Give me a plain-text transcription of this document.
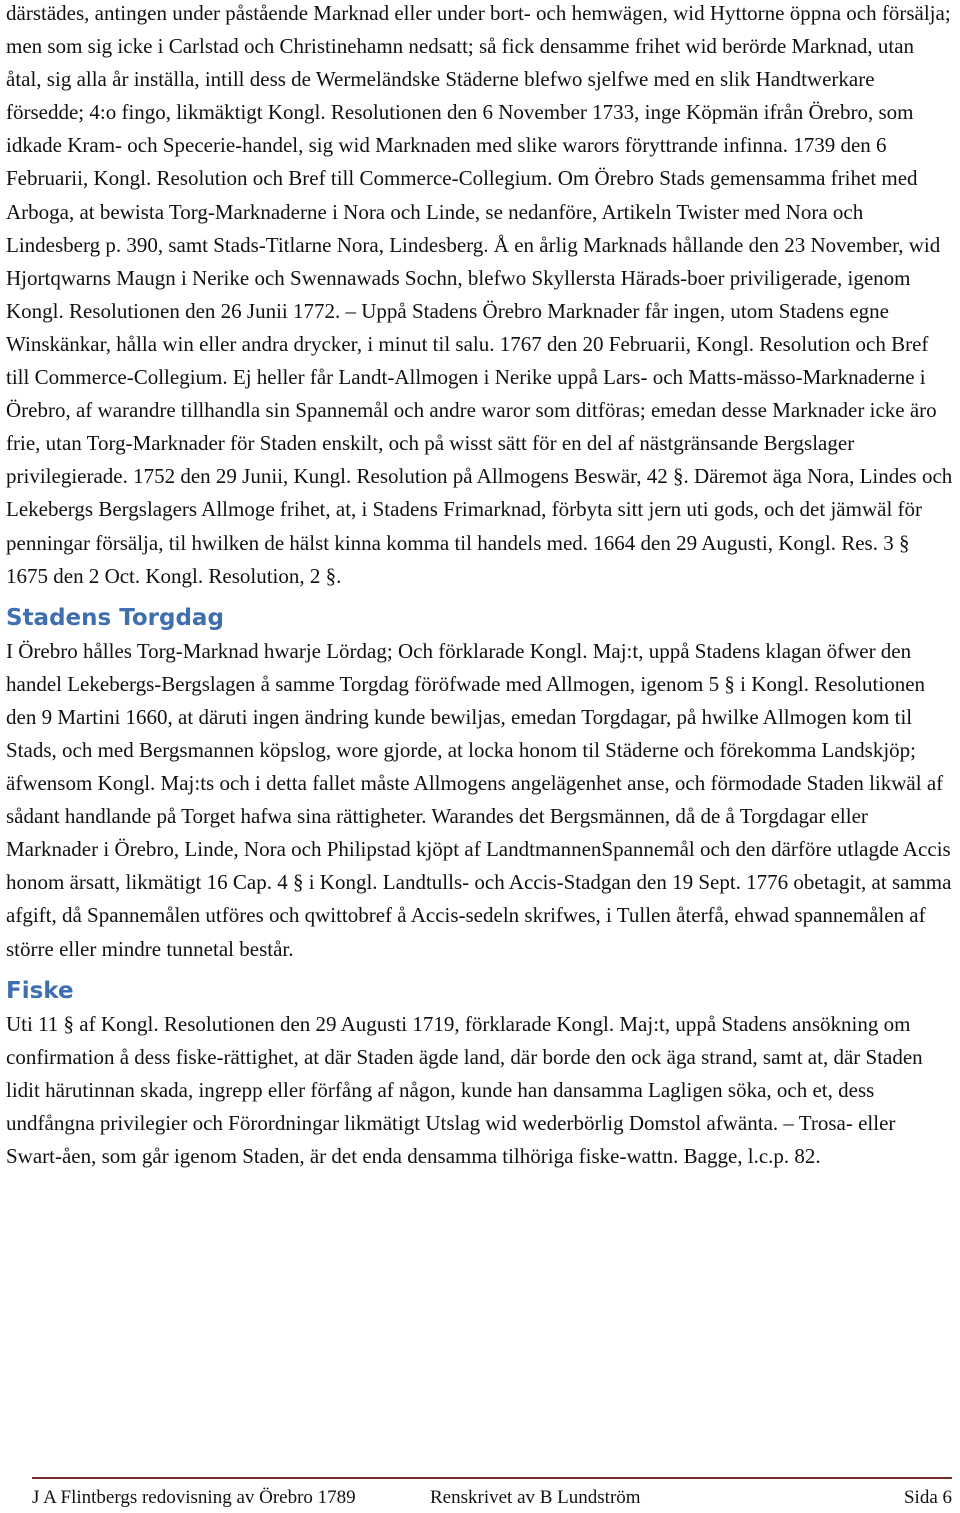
därstädes, antingen under påstående Marknad eller under bort- och hemwägen, wid Hyttorne öppna och försälja; men som sig icke i Carlstad och Christinehamn nedsatt; så fick densamme frihet wid berörde Marknad, utan åtal, sig alla år inställa, intill dess de Wermeländske Städerne blefwo sjelfwe med en slik Handtwerkare försedde; 4:o fingo, likmäktigt Kongl. Resolutionen den 6 November 1733, inge Köpmän ifrån Örebro, som idkade Kram- och Specerie-handel, sig wid Marknaden med slike warors föryttrande infinna. 1739 den 6 Februarii, Kongl. Resolution och Bref till Commerce-Collegium. Om Örebro Stads gemensamma frihet med Arboga, at bewista Torg-Marknaderne i Nora och Linde, se nedanföre, Artikeln Twister med Nora och Lindesberg p. 390, samt Stads-Titlarne Nora, Lindesberg. Å en årlig Marknads hållande den 23 November, wid Hjortqwarns Maugn i Nerike och Swennawads Sochn, blefwo Skyllersta Härads-boer priviligerade, igenom Kongl. Resolutionen den 26 Junii 1772. – Uppå Stadens Örebro Marknader får ingen, utom Stadens egne Winskänkar, hålla win eller andra drycker, i minut til salu. 1767 den 20 Februarii, Kongl. Resolution och Bref till Commerce-Collegium. Ej heller får Landt-Allmogen i Nerike uppå Lars- och Matts-mässo-Marknaderne i Örebro, af warandre tillhandla sin Spannemål och andre waror som ditföras; emedan desse Marknader icke äro frie, utan Torg-Marknader för Staden enskilt, och på wisst sätt för en del af nästgränsande Bergslager privilegierade. 1752 den 29 Junii, Kungl. Resolution på Allmogens Beswär, 42 §. Däremot äga Nora, Lindes och Lekebergs Bergslagers Allmoge frihet, at, i Stadens Frimarknad, förbyta sitt jern uti gods, och det jämwäl för penningar försälja, til hwilken de hälst kinna komma til handels med. 1664 den 29 Augusti, Kongl. Res. 3 § 1675 den 2 Oct. Kongl. Resolution, 2 §.

Stadens Torgdag

I Örebro hålles Torg-Marknad hwarje Lördag; Och förklarade Kongl. Maj:t, uppå Stadens klagan öfwer den handel Lekebergs-Bergslagen å samme Torgdag föröfwade med Allmogen, igenom 5 § i Kongl. Resolutionen den 9 Martini 1660, at däruti ingen ändring kunde bewiljas, emedan Torgdagar, på hwilke Allmogen kom til Stads, och med Bergsmannen köpslog, wore gjorde, at locka honom til Städerne och förekomma Landskjöp; äfwensom Kongl. Maj:ts och i detta fallet måste Allmogens angelägenhet anse, och förmodade Staden likwäl af sådant handlande på Torget hafwa sina rättigheter. Warandes det Bergsmännen, då de å Torgdagar eller Marknader i Örebro, Linde, Nora och Philipstad kjöpt af LandtmannenSpannemål och den därföre utlagde Accis honom ärsatt, likmätigt 16 Cap. 4 § i Kongl. Landtulls- och Accis-Stadgan den 19 Sept. 1776 obetagit, at samma afgift, då Spannemålen utföres och qwittobref å Accis-sedeln skrifwes, i Tullen återfå, ehwad spannemålen af större eller mindre tunnetal består.

Fiske

Uti 11 § af Kongl. Resolutionen den 29 Augusti 1719, förklarade Kongl. Maj:t, uppå Stadens ansökning om confirmation å dess fiske-rättighet, at där Staden ägde land, där borde den ock äga strand, samt at, där Staden lidit härutinnan skada, ingrepp eller förfång af någon, kunde han dansamma Lagligen söka, och et, dess undfångna privilegier och Förordningar likmätigt Utslag wid wederbörlig Domstol afwänta. – Trosa- eller Swart-åen, som går igenom Staden, är det enda densamma tilhöriga fiske-wattn. Bagge, l.c.p. 82.

J A Flintbergs redovisning av Örebro 1789	Renskrivet av B Lundström	Sida 6
